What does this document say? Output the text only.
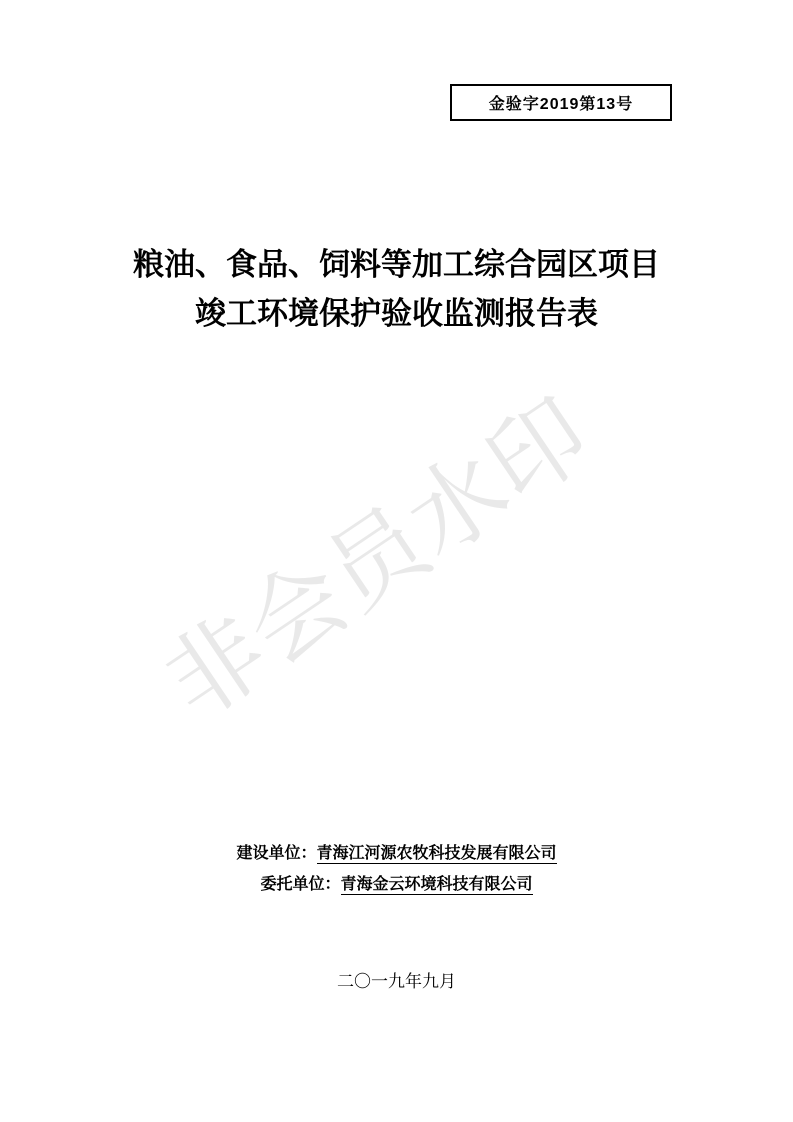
非会员水印
金验字2019第13号
粮油、食品、饲料等加工综合园区项目
竣工环境保护验收监测报告表
建设单位：青海江河源农牧科技发展有限公司
委托单位：青海金云环境科技有限公司
二〇一九年九月
